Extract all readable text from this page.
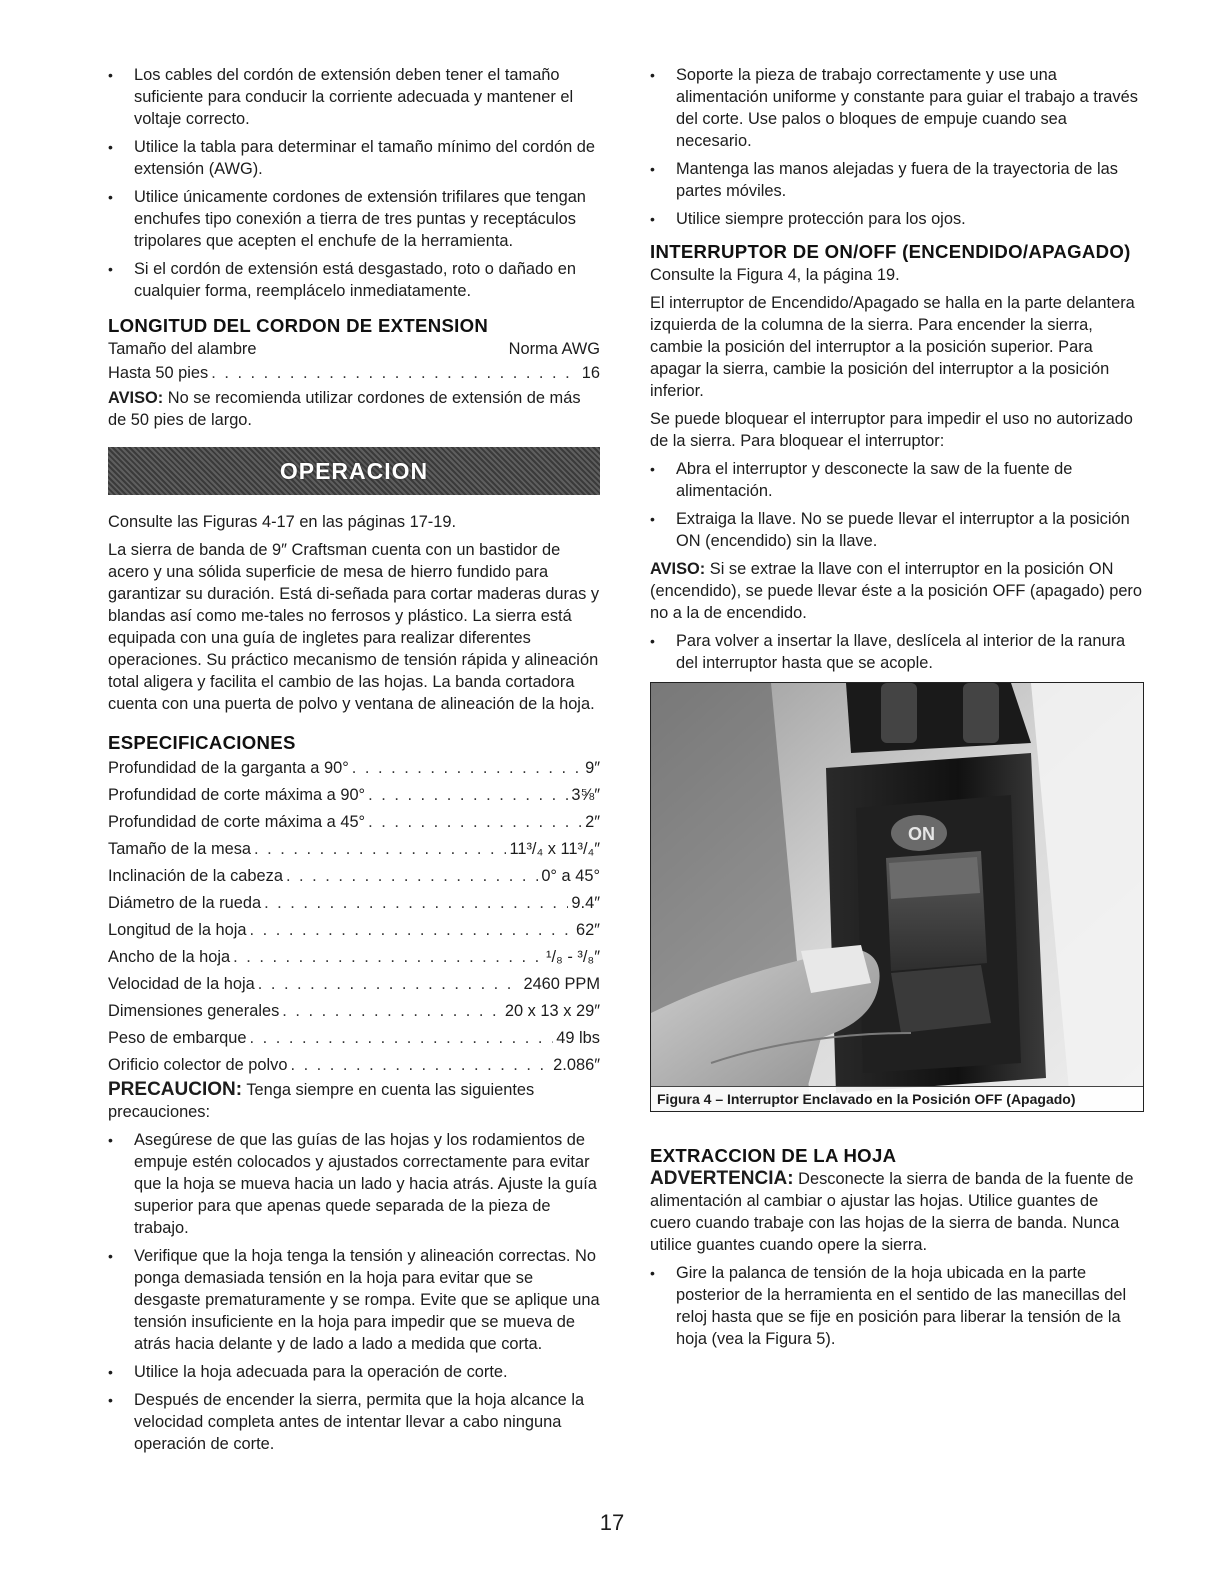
• Los cables del cordón de extensión deben tener el tamaño suficiente para conducir la corriente adecuada y mantener el voltaje correcto.
• Utilice la tabla para determinar el tamaño mínimo del cordón de extensión (AWG).
• Utilice únicamente cordones de extensión trifilares que tengan enchufes tipo conexión a tierra de tres puntas y receptáculos tripolares que acepten el enchufe de la herramienta.
• Si el cordón de extensión está desgastado, roto o dañado en cualquier forma, reemplácelo inmediatamente.
LONGITUD DEL CORDON DE EXTENSION
Tamaño del alambre	Norma AWG
Hasta 50 pies . . .	16

AVISO: No se recomienda utilizar cordones de extensión de más de 50 pies de largo.

OPERACION

Consulte las Figuras 4-17 en las páginas 17-19.

La sierra de banda de 9″ Craftsman cuenta con un bastidor de acero y una sólida superficie de mesa de hierro fundido para garantizar su duración. Está di-señada para cortar maderas duras y blandas así como me-tales no ferrosos y plástico. La sierra está equipada con una guía de ingletes para realizar diferentes operaciones. Su práctico mecanismo de tensión rápida y alineación total aligera y facilita el cambio de las hojas. La banda cortadora cuenta con una puerta de polvo y ventana de alineación de la hoja.

ESPECIFICACIONES
Profundidad de la garganta a 90° . . .	9″
Profundidad de corte máxima a 90° . . .	3⅝″
Profundidad de corte máxima a 45° . . .	2″
Tamaño de la mesa . . .	11³/₄ x 11³/₄″
Inclinación de la cabeza . . .	0° a 45°
Diámetro de la rueda . . .	9.4″
Longitud de la hoja . . .	62″
Ancho de la hoja . . .	¹/₈ - ³/₈″
Velocidad de la hoja . . .	2460 PPM
Dimensiones generales . . .	20 x 13 x 29″
Peso de embarque . . .	49 lbs
Orificio colector de polvo . . .	2.086″

PRECAUCION: Tenga siempre en cuenta las siguientes precauciones:

• Asegúrese de que las guías de las hojas y los rodamientos de empuje estén colocados y ajustados correctamente para evitar que la hoja se mueva hacia un lado y hacia atrás. Ajuste la guía superior para que apenas quede separada de la pieza de trabajo.
• Verifique que la hoja tenga la tensión y alineación correctas. No ponga demasiada tensión en la hoja para evitar que se desgaste prematuramente y se rompa. Evite que se aplique una tensión insuficiente en la hoja para impedir que se mueva de atrás hacia delante y de lado a lado a medida que corta.
• Utilice la hoja adecuada para la operación de corte.
• Después de encender la sierra, permita que la hoja alcance la velocidad completa antes de intentar llevar a cabo ninguna operación de corte.
• Soporte la pieza de trabajo correctamente y use una alimentación uniforme y constante para guiar el trabajo a través del corte. Use palos o bloques de empuje cuando sea necesario.
• Mantenga las manos alejadas y fuera de la trayectoria de las partes móviles.
• Utilice siempre protección para los ojos.
INTERRUPTOR DE ON/OFF (ENCENDIDO/APAGADO)

Consulte la Figura 4, la página 19.

El interruptor de Encendido/Apagado se halla en la parte delantera izquierda de la columna de la sierra. Para encender la sierra, cambie la posición del interruptor a la posición superior. Para apagar la sierra, cambie la posición del interruptor a la posición inferior.

Se puede bloquear el interruptor para impedir el uso no autorizado de la sierra. Para bloquear el interruptor:

• Abra el interruptor y desconecte la saw de la fuente de alimentación.
• Extraiga la llave. No se puede llevar el interruptor a la posición ON (encendido) sin la llave.

AVISO: Si se extrae la llave con el interruptor en la posición ON (encendido), se puede llevar éste a la posición OFF (apagado) pero no a la de encendido.

• Para volver a insertar la llave, deslícela al interior de la ranura del interruptor hasta que se acople.
ON
Figura 4 – Interruptor Enclavado en la Posición OFF (Apagado)
EXTRACCION DE LA HOJA

ADVERTENCIA: Desconecte la sierra de banda de la fuente de alimentación al cambiar o ajustar las hojas. Utilice guantes de cuero cuando trabaje con las hojas de la sierra de banda. Nunca utilice guantes cuando opere la sierra.

• Gire la palanca de tensión de la hoja ubicada en la parte posterior de la herramienta en el sentido de las manecillas del reloj hasta que se fije en posición para liberar la tensión de la hoja (vea la Figura 5).
17
